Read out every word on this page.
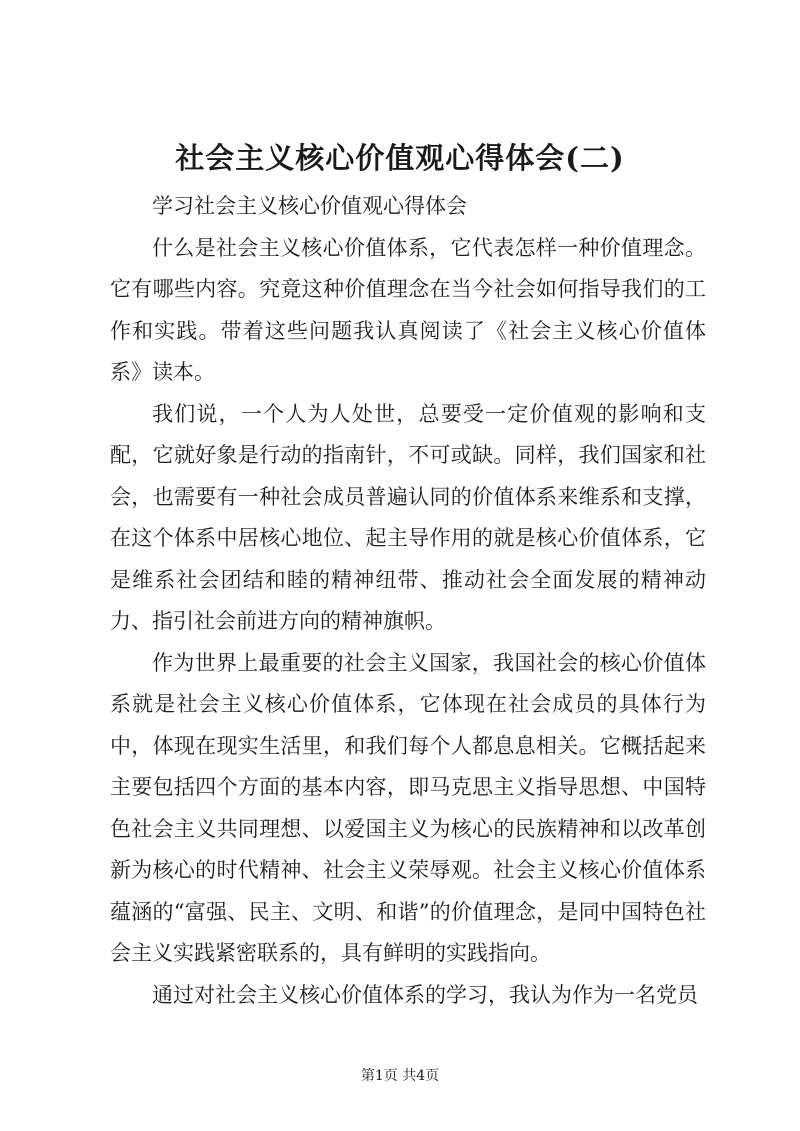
社会主义核心价值观心得体会(二)

学习社会主义核心价值观心得体会

什么是社会主义核心价值体系，它代表怎样一种价值理念。它有哪些内容。究竟这种价值理念在当今社会如何指导我们的工作和实践。带着这些问题我认真阅读了《社会主义核心价值体系》读本。

我们说，一个人为人处世，总要受一定价值观的影响和支配，它就好象是行动的指南针，不可或缺。同样，我们国家和社会，也需要有一种社会成员普遍认同的价值体系来维系和支撑，在这个体系中居核心地位、起主导作用的就是核心价值体系，它是维系社会团结和睦的精神纽带、推动社会全面发展的精神动力、指引社会前进方向的精神旗帜。

作为世界上最重要的社会主义国家，我国社会的核心价值体系就是社会主义核心价值体系，它体现在社会成员的具体行为中，体现在现实生活里，和我们每个人都息息相关。它概括起来主要包括四个方面的基本内容，即马克思主义指导思想、中国特色社会主义共同理想、以爱国主义为核心的民族精神和以改革创新为核心的时代精神、社会主义荣辱观。社会主义核心价值体系蕴涵的“富强、民主、文明、和谐”的价值理念，是同中国特色社会主义实践紧密联系的，具有鲜明的实践指向。

通过对社会主义核心价值体系的学习，我认为作为一名党员

第1页 共4页
